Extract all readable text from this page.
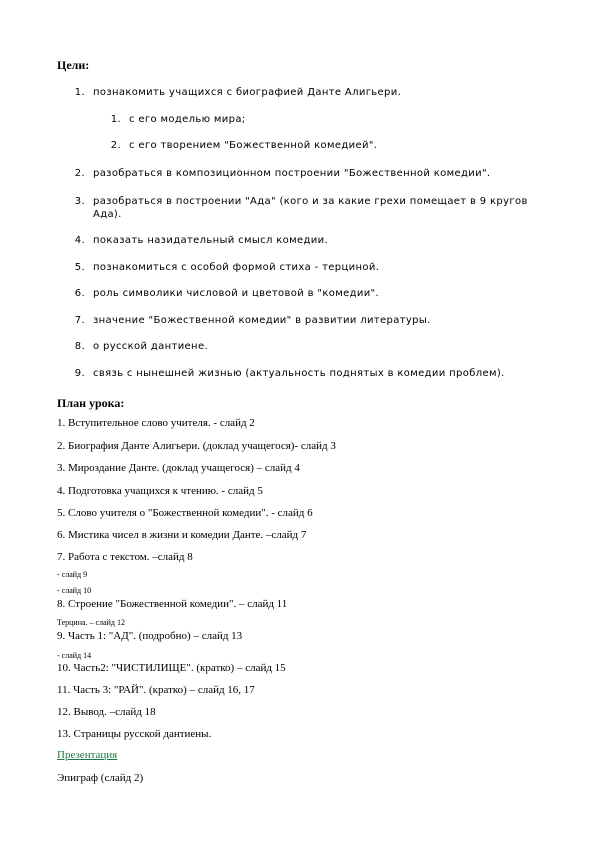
Цели:
1. познакомить учащихся с биографией Данте Алигьери.
1. с его моделью мира;
2. с его творением "Божественной комедией".
2. разобраться в композиционном построении "Божественной комедии".
3. разобраться в построении "Ада" (кого и за какие грехи помещает в 9 кругов Ада).
4. показать назидательный смысл комедии.
5. познакомиться с особой формой стиха - терциной.
6. роль символики числовой и цветовой в "комедии".
7. значение "Божественной комедии" в развитии литературы.
8. о русской дантиене.
9. связь с нынешней жизнью (актуальность поднятых в комедии проблем).
План урока:
1. Вступительное слово учителя. - слайд 2
2. Биография Данте Алигьери. (доклад учащегося)- слайд 3
3. Мироздание Данте. (доклад учащегося) – слайд 4
4. Подготовка учащихся к чтению. - слайд 5
5. Слово учителя о "Божественной комедии". - слайд 6
6. Мистика чисел в жизни и комедии Данте. –слайд 7
7. Работа с текстом. –слайд 8
- слайд 9
- слайд 10
8. Строение "Божественной комедии". – слайд 11
Терцина. – слайд 12
9. Часть 1: "АД". (подробно) – слайд 13
- слайд 14
10. Часть2: "ЧИСТИЛИЩЕ". (кратко) – слайд 15
11. Часть 3: "РАЙ". (кратко) – слайд 16, 17
12. Вывод. –слайд 18
13. Страницы русской дантиены.
Презентация
Эпиграф (слайд 2)
